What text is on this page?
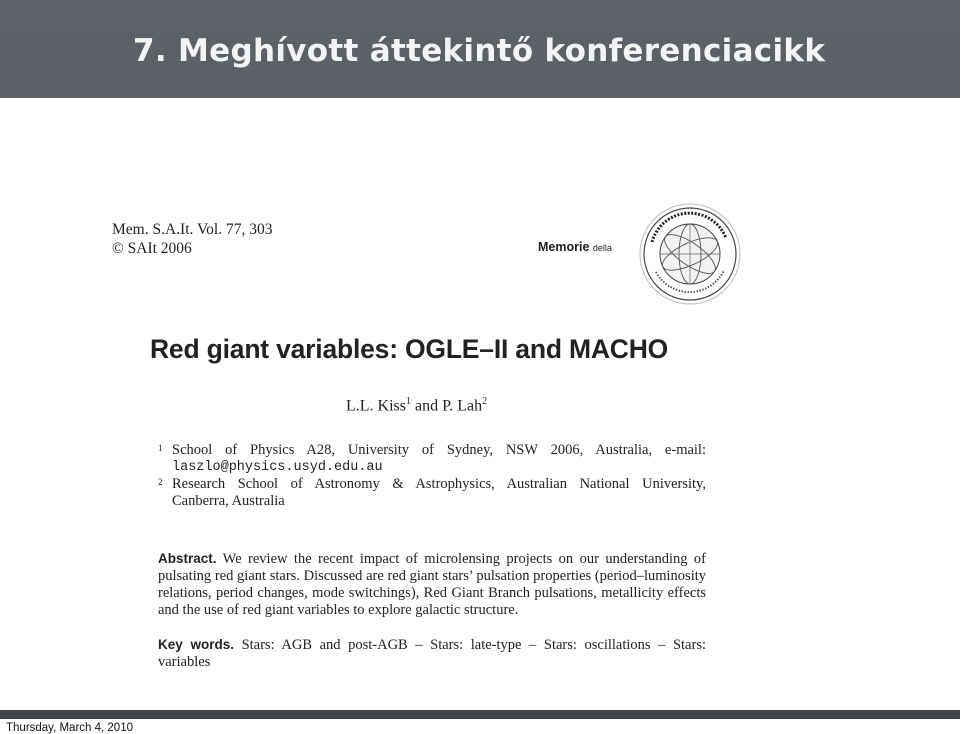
7. Meghívott áttekintő konferenciacikk
Mem. S.A.It. Vol. 77, 303
© SAIt 2006	Memorie della
Red giant variables: OGLE–II and MACHO
L.L. Kiss$^1$ and P. Lah$^2$
1 School of Physics A28, University of Sydney, NSW 2006, Australia, e-mail:
laszlo@physics.usyd.edu.au
2 Research School of Astronomy & Astrophysics, Australian National University,
Canberra, Australia
Abstract. We review the recent impact of microlensing projects on our understanding of pulsating red giant stars. Discussed are red giant stars’ pulsation properties (period–luminosity relations, period changes, mode switchings), Red Giant Branch pulsations, metallicity effects and the use of red giant variables to explore galactic structure.
Key words. Stars: AGB and post-AGB – Stars: late-type – Stars: oscillations – Stars: variables
Thursday, March 4, 2010
